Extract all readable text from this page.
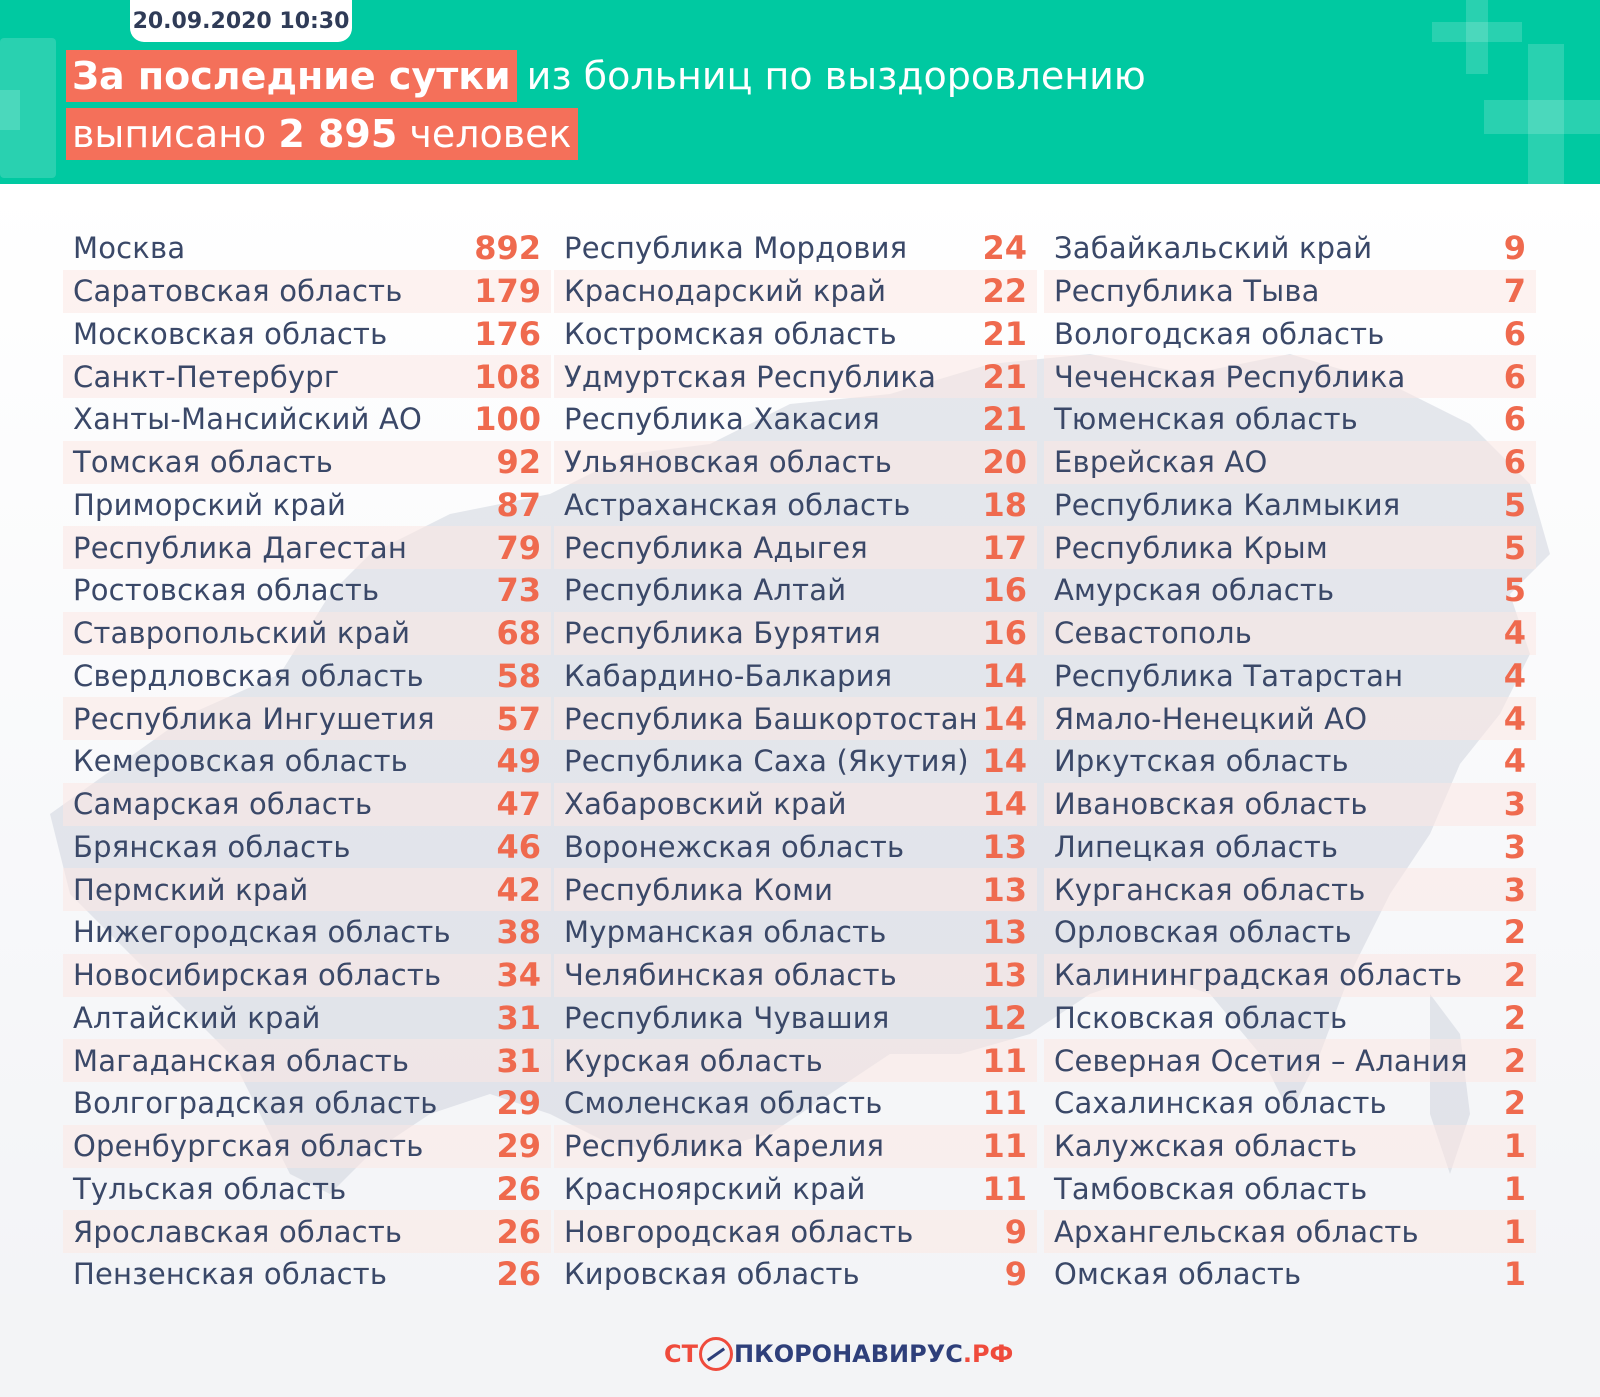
20.09.2020 10:30
За последние сутки из больниц по выздоровлению
выписано 2 895 человек
Москва	892
Саратовская область 179
Московская область	176
Санкт-Петербург	108
Ханты-Мансийский АО 100
Томская область	92
Приморский край	87
Республика Дагестан	79
Ростовская область	73
Ставропольский край	68
Свердловская область 58
Республика Ингушетия 57
Кемеровская область	49
Самарская область	47
Брянская область	46
Пермский край	42
Нижегородская область 38
Новосибирская область 34
Алтайский край	31
Магаданская область	31
Волгоградская область 29
Оренбургская область 29
Тульская область	26
Ярославская область	26
Пензенская область	26
Республика Мордовия 24
Краснодарский край	22
Костромская область	21
Удмуртская Республика 21
Республика Хакасия	21
Ульяновская область	20
Астраханская область 18
Республика Адыгея	17
Республика Алтай	16
Республика Бурятия	16
Кабардино-Балкария	14
Республика Башкортостан 14
Республика Саха (Якутия) 14
Хабаровский край	14
Воронежская область 13
Республика Коми	13
Мурманская область	13
Челябинская область	13
Республика Чувашия	12
Курская область	11
Смоленская область	11
Республика Карелия	11
Красноярский край	11
Новгородская область	9
Кировская область	9
Забайкальский край	9
Республика Тыва	7
Вологодская область	6
Чеченская Республика	6
Тюменская область	6
Еврейская АО	6
Республика Калмыкия	5
Республика Крым	5
Амурская область	5
Севастополь	4
Республика Татарстан	4
Ямало-Ненецкий АО	4
Иркутская область	4
Ивановская область	3
Липецкая область	3
Курганская область	3
Орловская область	2
Калининградская область 2
Псковская область	2
Северная Осетия – Алания 2
Сахалинская область	2
Калужская область	1
Тамбовская область	1
Архангельская область	1
Омская область	1
СТ ПКОРОНАВИРУС .РФ
